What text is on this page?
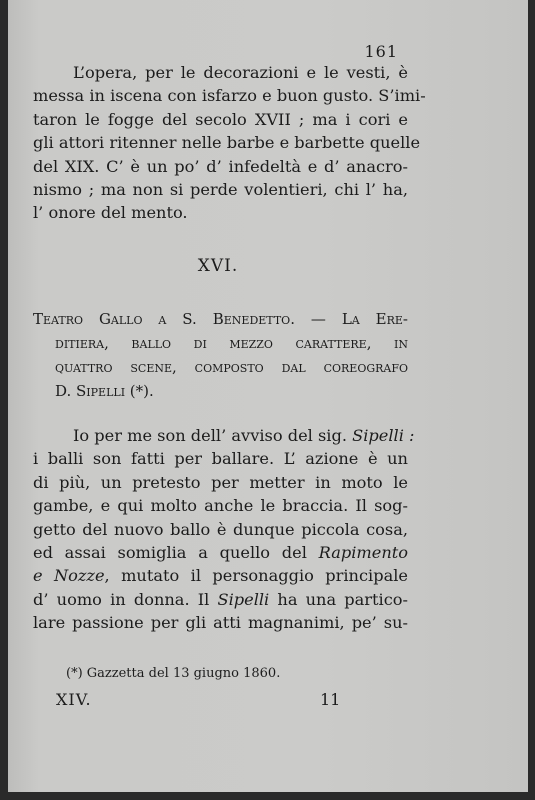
161
L’opera, per le decorazioni e le vesti, è
messa in iscena con isfarzo e buon gusto. S’imi-
taron le fogge del secolo XVII ; ma i cori e
gli attori ritenner nelle barbe e barbette quelle
del XIX. C’ è un po’ d’ infedeltà e d’ anacro-
nismo ; ma non si perde volentieri, chi l’ ha,
l’ onore del mento.
XVI.
Teatro Gallo a S. Benedetto. — La Ere-
ditiera, ballo di mezzo carattere, in
quattro scene, composto dal coreografo
D. Sipelli (*).
Io per me son dell’ avviso del sig. Sipelli :
i balli son fatti per ballare. L’ azione è un
di più, un pretesto per metter in moto le
gambe, e qui molto anche le braccia. Il sog-
getto del nuovo ballo è dunque piccola cosa,
ed assai somiglia a quello del Rapimento
e Nozze, mutato il personaggio principale
d’ uomo in donna. Il Sipelli ha una partico-
lare passione per gli atti magnanimi, pe’ su-
(*) Gazzetta del 13 giugno 1860.
XIV.	11
